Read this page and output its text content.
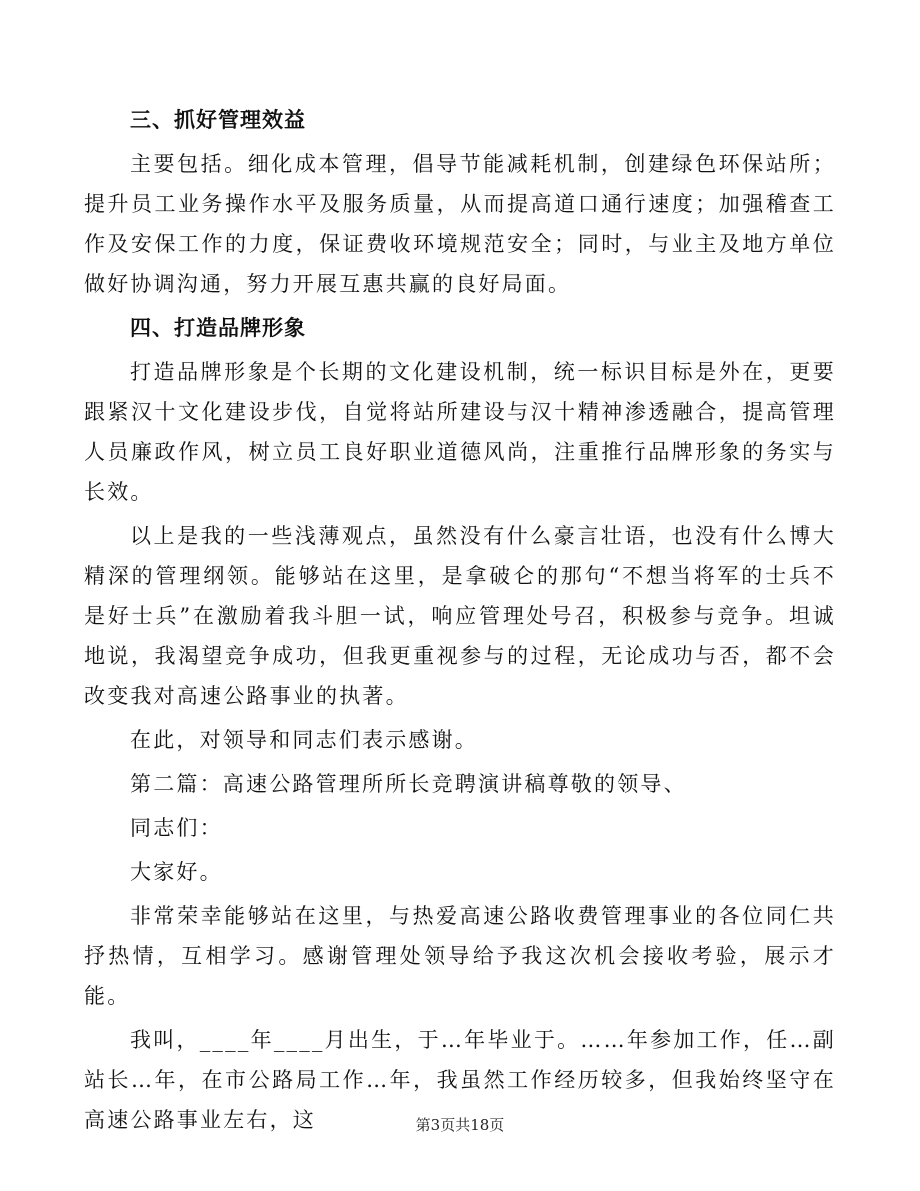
三、抓好管理效益

主要包括。细化成本管理，倡导节能减耗机制，创建绿色环保站所；提升员工业务操作水平及服务质量，从而提高道口通行速度；加强稽查工作及安保工作的力度，保证费收环境规范安全；同时，与业主及地方单位做好协调沟通，努力开展互惠共赢的良好局面。

四、打造品牌形象

打造品牌形象是个长期的文化建设机制，统一标识目标是外在，更要跟紧汉十文化建设步伐，自觉将站所建设与汉十精神渗透融合，提高管理人员廉政作风，树立员工良好职业道德风尚，注重推行品牌形象的务实与长效。

以上是我的一些浅薄观点，虽然没有什么豪言壮语，也没有什么博大精深的管理纲领。能够站在这里，是拿破仑的那句“不想当将军的士兵不是好士兵”在激励着我斗胆一试，响应管理处号召，积极参与竞争。坦诚地说，我渴望竞争成功，但我更重视参与的过程，无论成功与否，都不会改变我对高速公路事业的执著。

在此，对领导和同志们表示感谢。

第二篇：高速公路管理所所长竞聘演讲稿尊敬的领导、

同志们：

大家好。

非常荣幸能够站在这里，与热爱高速公路收费管理事业的各位同仁共抒热情，互相学习。感谢管理处领导给予我这次机会接收考验，展示才能。

我叫，____年____月出生，于…年毕业于。……年参加工作，任…副站长…年，在市公路局工作…年，我虽然工作经历较多，但我始终坚守在高速公路事业左右，这	第3页共18页
